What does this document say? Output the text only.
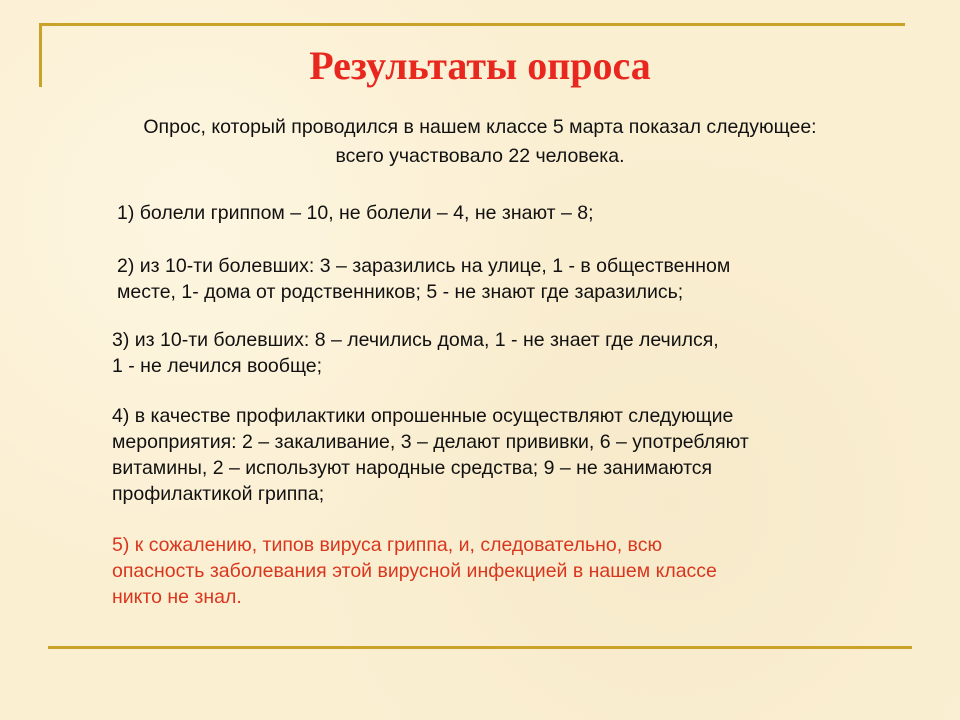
Результаты опроса
Опрос, который проводился в нашем классе 5 марта показал следующее:
всего участвовало 22 человека.
1) болели гриппом – 10, не болели – 4, не знают – 8;
2) из 10-ти болевших: 3 – заразились на улице, 1 - в общественном
месте, 1- дома от родственников; 5 - не знают где заразились;
3) из 10-ти болевших: 8 – лечились дома, 1 - не знает где лечился,
1 - не лечился вообще;
4) в качестве профилактики опрошенные осуществляют следующие
мероприятия: 2 – закаливание, 3 – делают прививки, 6 – употребляют
витамины, 2 – используют народные средства; 9 – не занимаются
профилактикой гриппа;
5) к сожалению, типов вируса гриппа, и, следовательно, всю
опасность заболевания этой вирусной инфекцией в нашем классе
никто не знал.
